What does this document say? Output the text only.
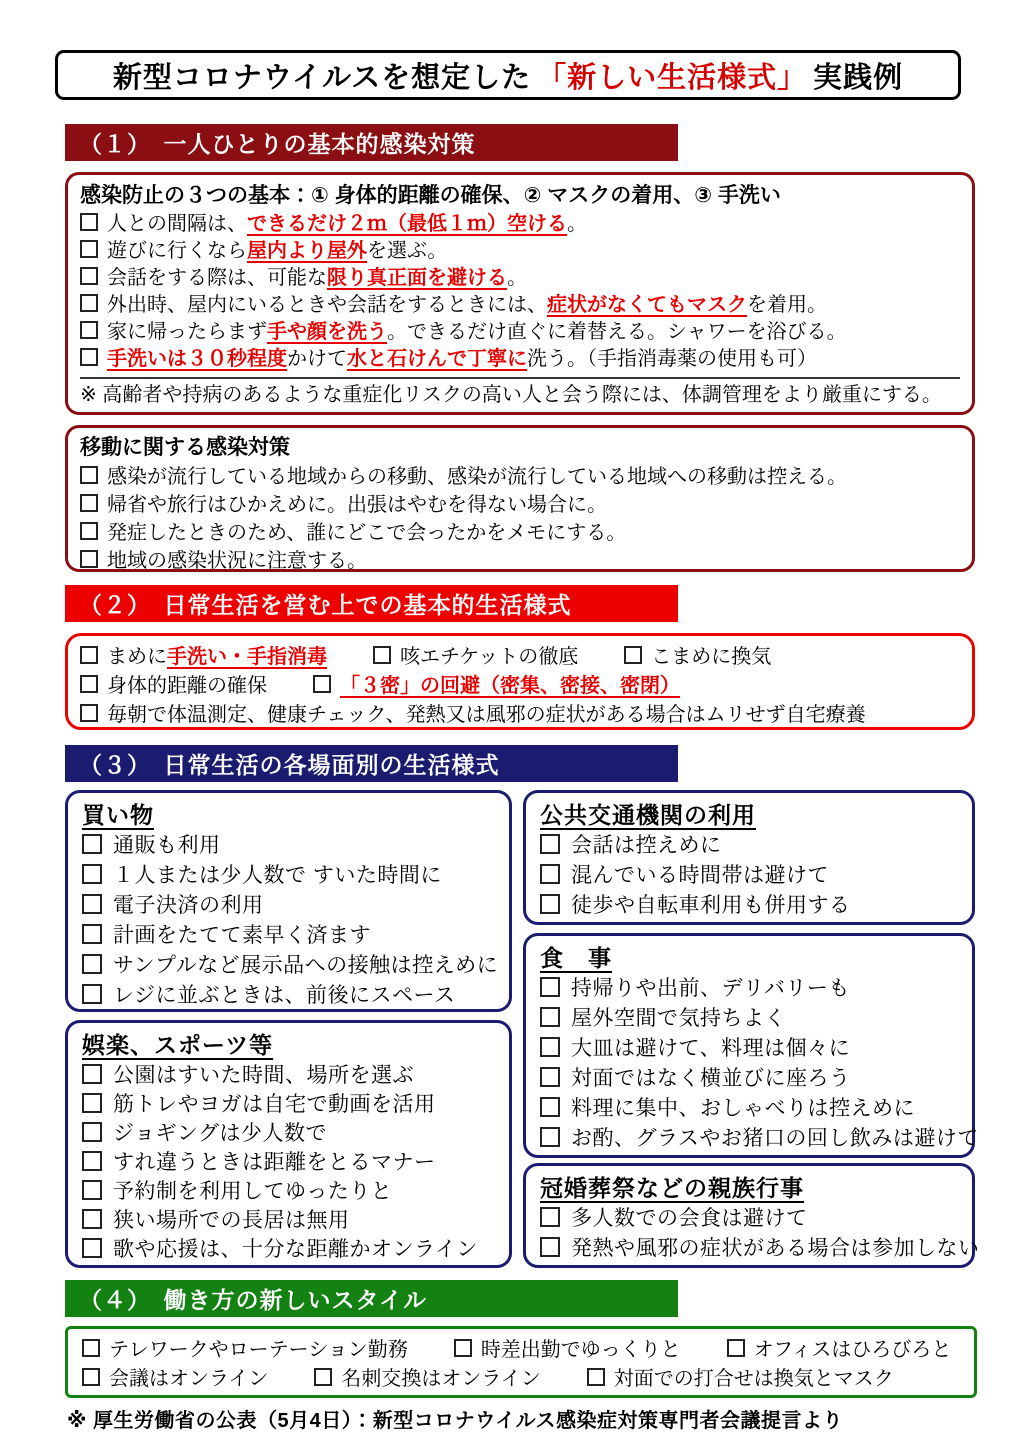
新型コロナウイルスを想定した 「新しい生活様式」 実践例
（１）　一人ひとりの基本的感染対策
感染防止の３つの基本：① 身体的距離の確保、② マスクの着用、③ 手洗い
人との間隔は、できるだけ２ｍ（最低１ｍ）空ける。
遊びに行くなら屋内より屋外を選ぶ。
会話をする際は、可能な限り真正面を避ける。
外出時、屋内にいるときや会話をするときには、症状がなくてもマスクを着用。
家に帰ったらまず手や顔を洗う。できるだけ直ぐに着替える。シャワーを浴びる。
手洗いは３０秒程度かけて水と石けんで丁寧に洗う。（手指消毒薬の使用も可）
※ 高齢者や持病のあるような重症化リスクの高い人と会う際には、体調管理をより厳重にする。
移動に関する感染対策
感染が流行している地域からの移動、感染が流行している地域への移動は控える。
帰省や旅行はひかえめに。出張はやむを得ない場合に。
発症したときのため、誰にどこで会ったかをメモにする。
地域の感染状況に注意する。
（２）　日常生活を営む上での基本的生活様式
まめに手洗い・手指消毒	咳エチケットの徹底	こまめに換気
身体的距離の確保	「３密」の回避（密集、密接、密閉）
毎朝で体温測定、健康チェック、発熱又は風邪の症状がある場合はムリせず自宅療養
（３）　日常生活の各場面別の生活様式
買い物
通販も利用
１人または少人数で すいた時間に
電子決済の利用
計画をたてて素早く済ます
サンプルなど展示品への接触は控えめに
レジに並ぶときは、前後にスペース
娯楽、スポーツ等
公園はすいた時間、場所を選ぶ
筋トレやヨガは自宅で動画を活用
ジョギングは少人数で
すれ違うときは距離をとるマナー
予約制を利用してゆったりと
狭い場所での長居は無用
歌や応援は、十分な距離かオンライン
公共交通機関の利用
会話は控えめに
混んでいる時間帯は避けて
徒歩や自転車利用も併用する
食　事
持帰りや出前、デリバリーも
屋外空間で気持ちよく
大皿は避けて、料理は個々に
対面ではなく横並びに座ろう
料理に集中、おしゃべりは控えめに
お酌、グラスやお猪口の回し飲みは避けて
冠婚葬祭などの親族行事
多人数での会食は避けて
発熱や風邪の症状がある場合は参加しない
（４）　働き方の新しいスタイル
テレワークやローテーション勤務	時差出勤でゆっくりと	オフィスはひろびろと
会議はオンライン	名刺交換はオンライン	対面での打合せは換気とマスク
※ 厚生労働省の公表（5月4日）：新型コロナウイルス感染症対策専門者会議提言より
